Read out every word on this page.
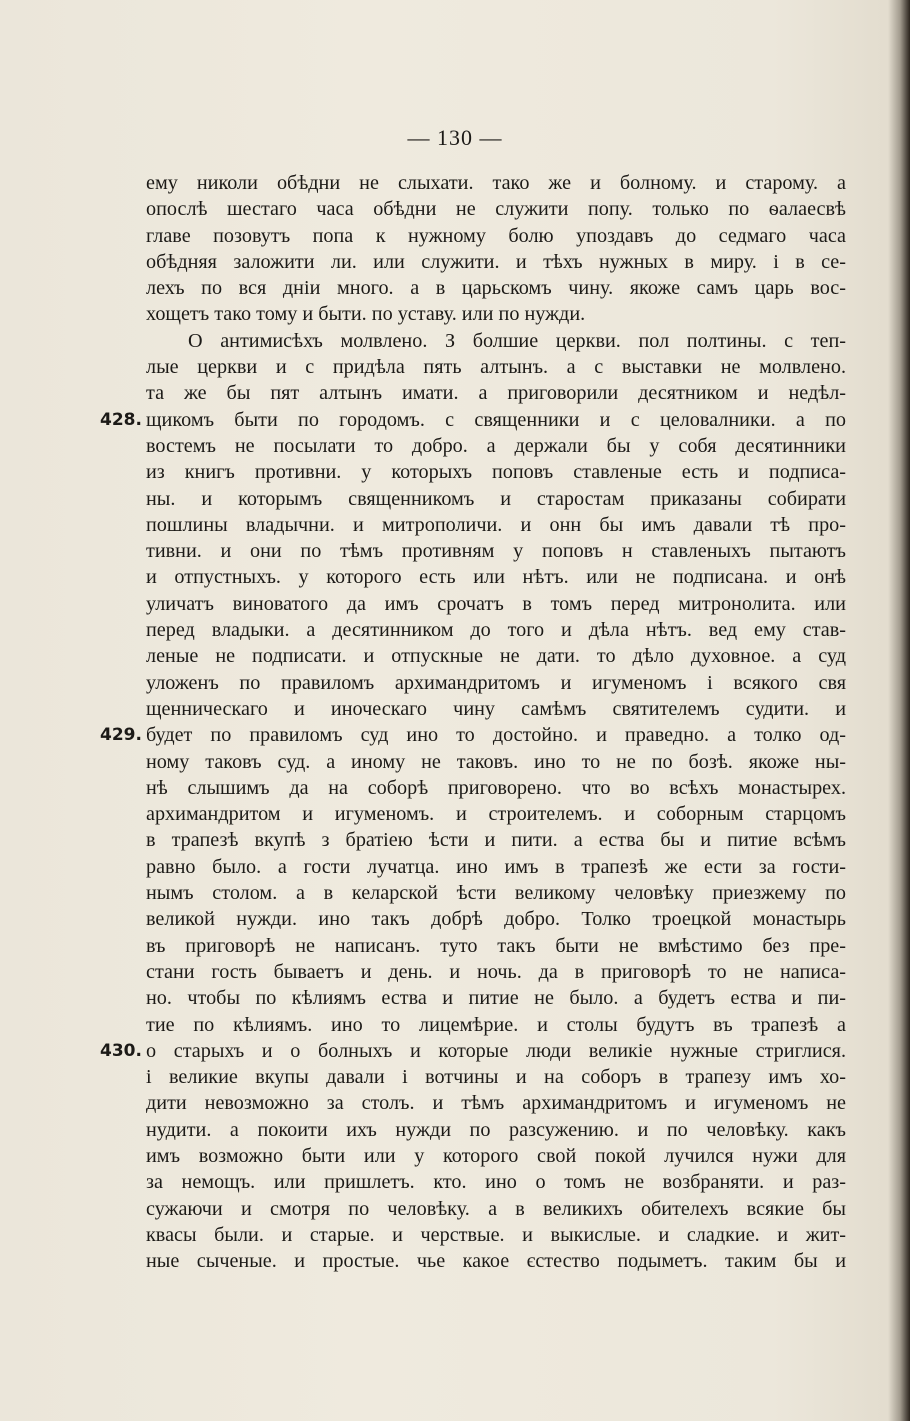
— 130 —
ему николи обѣдни не слыхати. тако же и болному. и старому. а
опослѣ шестаго часа обѣдни не служити попу. только по ѳалаесвѣ
главе позовутъ попа к нужному болю упоздавъ до седмаго часа
обѣдняя заложити ли. или служити. и тѣхъ нужных в миру. і в се-
лехъ по вся днiи много. а в царьскомъ чину. якоже самъ царь вос-
хощетъ тако тому и быти. по уставу. или по нужди.
О антимисѣхъ молвлено. З болшие церкви. пол полтины. с теп-
лые церкви и с придѣла пять алтынъ. а с выставки не молвлено.
та же бы пят алтынъ имати. а приговорили десятником и недѣл-
щикомъ быти по городомъ. с священники и с целовалники. а по
428.
востемъ не посылати то добро. а держали бы у собя десятинники
из книгъ противни. у которыхъ поповъ ставленые есть и подписа-
ны. и которымъ священникомъ и старостам приказаны собирати
пошлины владычни. и митрополичи. и онн бы имъ давали тѣ про-
тивни. и они по тѣмъ противням у поповъ н ставленыхъ пытаютъ
и отпустныхъ. у которого есть или нѣтъ. или не подписана. и онѣ
уличатъ виноватого да имъ срочатъ в томъ перед митронолита. или
перед владыки. а десятинником до того и дѣла нѣтъ. вед ему став-
леные не подписати. и отпускные не дати. то дѣло духовное. а суд
уложенъ по правиломъ архимандритомъ и игуменомъ і всякого свя
щенническаго и иноческаго чину самѣмъ святителемъ судити. и
будет по правиломъ суд ино то достойно. и праведно. а толко од-
429.
ному таковъ суд. а иному не таковъ. ино то не по бозѣ. якоже ны-
нѣ слышимъ да на соборѣ приговорено. что во всѣхъ монастырех.
архимандритом и игуменомъ. и строителемъ. и соборным старцомъ
в трапезѣ вкупѣ з братiею ѣсти и пити. а ества бы и питие всѣмъ
равно было. а гости лучатца. ино имъ в трапезѣ же ести за гости-
нымъ столом. а в келарской ѣсти великому человѣку приезжему по
великой нужди. ино такъ добрѣ добро. Толко троецкой монастырь
въ приговорѣ не написанъ. туто такъ быти не вмѣстимо без пре-
стани гость бываетъ и день. и ночь. да в приговорѣ то не написа-
но. чтобы по кѣлиямъ ества и питие не было. а будетъ ества и пи-
тие по кѣлиямъ. ино то лицемѣрие. и столы будутъ въ трапезѣ а
о старыхъ и о болныхъ и которые люди великiе нужные стриглися.
430.
і великие вкупы давали і вотчины и на соборъ в трапезу имъ хо-
дити невозможно за столъ. и тѣмъ архимандритомъ и игуменомъ не
нудити. а покоити ихъ нужди по разсужению. и по человѣку. какъ
имъ возможно быти или у которого свой покой лучился нужи для
за немощъ. или пришлетъ. кто. ино о томъ не возбраняти. и раз-
сужаючи и смотря по человѣку. а в великихъ обителехъ всякие бы
квасы были. и старые. и черствые. и выкислые. и сладкие. и жит-
ные сыченые. и простые. чье какое єстество подыметъ. таким бы и
